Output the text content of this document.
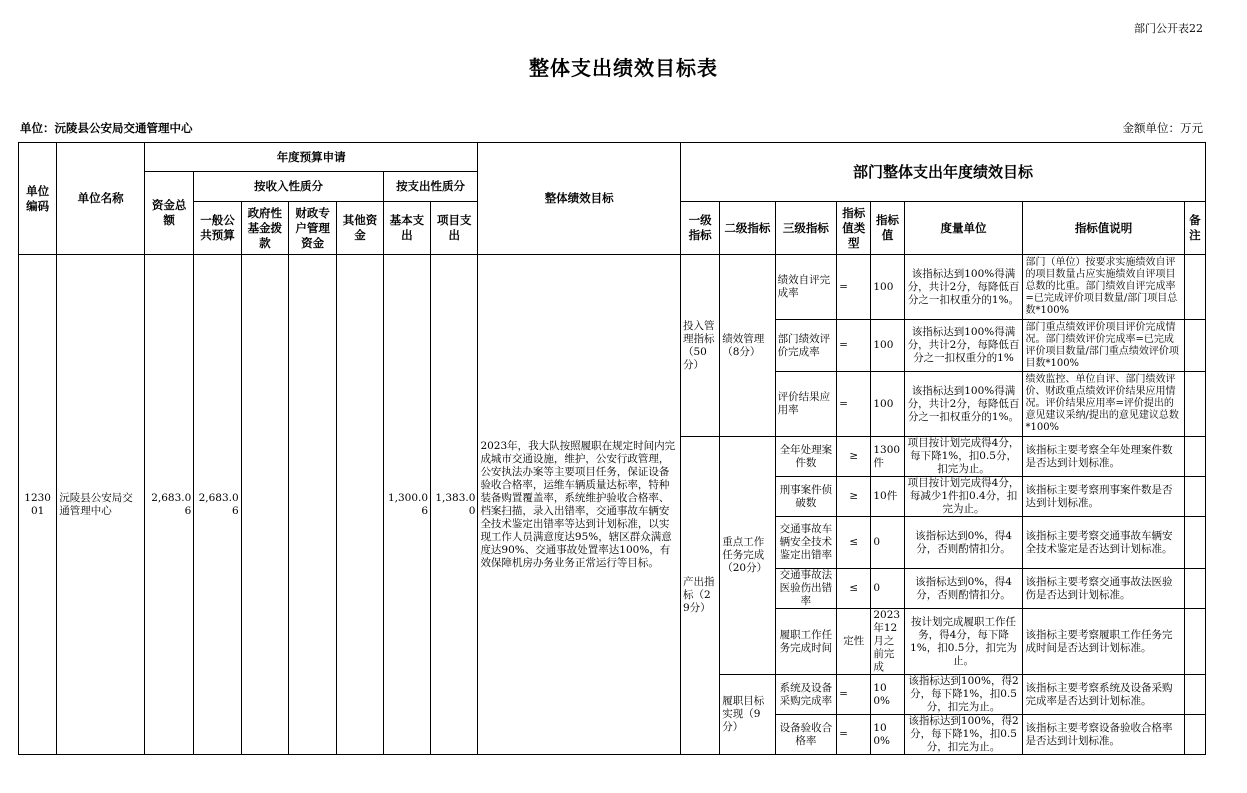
部门公开表22
整体支出绩效目标表
单位：沅陵县公安局交通管理中心	金额单位：万元
单位编码	单位名称	年度预算申请							整体绩效目标	部门整体支出年度绩效目标							
		资金总额	按收入性质分				按支出性质分										
			一般公共预算	政府性基金拨款	财政专户管理资金	其他资金	基本支出	项目支出		一级指标	二级指标	三级指标	指标值类型	指标值	度量单位	指标值说明	备注

123001	沅陵县公安局交通管理中心	2,683.06	2,683.06				1,300.06	1,383.00	2023年，我大队按照履职在规定时间内完成城市交通设施，维护，公安行政管理，公安执法办案等主要项目任务，保证设备验收合格率，运维车辆质量达标率，特种装备购置覆盖率，系统维护验收合格率、档案扫描，录入出错率，交通事故车辆安全技术鉴定出错率等达到计划标准，以实现工作人员满意度达95%，辖区群众满意度达90%、交通事故处置率达100%，有效保障机房办务业务正常运行等目标。	投入管理指标（50分）	绩效管理（8分）	绩效自评完成率	=	100	该指标达到100%得满分，共计2分，每降低百分之一扣权重分的1%。	部门（单位）按要求实施绩效自评的项目数量占应实施绩效自评项目总数的比重。部门绩效自评完成率=已完成评价项目数量/部门项目总数*100%	
												部门绩效评价完成率	=	100	该指标达到100%得满分，共计2分，每降低百分之一扣权重分的1%	部门重点绩效评价项目评价完成情况。部门绩效评价完成率=已完成评价项目数量/部门重点绩效评价项目数*100%	
												评价结果应用率	=	100	该指标达到100%得满分，共计2分，每降低百分之一扣权重分的1%。	绩效监控、单位自评、部门绩效评价、财政重点绩效评价结果应用情况。评价结果应用率=评价提出的意见建议采纳/提出的意见建议总数*100%	
										产出指标（29分）	重点工作任务完成（20分）	全年处理案件数	≥	1300件	项目按计划完成得4分，每下降1%，扣0.5分，扣完为止。	该指标主要考察全年处理案件数是否达到计划标准。	
												刑事案件侦破数	≥	10件	项目按计划完成得4分，每减少1件扣0.4分，扣完为止。	该指标主要考察刑事案件数是否达到计划标准。	
												交通事故车辆安全技术鉴定出错率	≤	0	该指标达到0%，得4分，否则酌情扣分。	该指标主要考察交通事故车辆安全技术鉴定是否达到计划标准。	
												交通事故法医验伤出错率	≤	0	该指标达到0%，得4分，否则酌情扣分。	该指标主要考察交通事故法医验伤是否达到计划标准。	
												履职工作任务完成时间	定性	2023年12月之前完成	按计划完成履职工作任务，得4分，每下降1%，扣0.5分，扣完为止。	该指标主要考察履职工作任务完成时间是否达到计划标准。	
											履职目标实现（9分）	系统及设备采购完成率	=	100%	该指标达到100%，得2分，每下降1%，扣0.5分，扣完为止。	该指标主要考察系统及设备采购完成率是否达到计划标准。	
												设备验收合格率	=	100%	该指标达到100%，得2分，每下降1%，扣0.5分，扣完为止。	该指标主要考察设备验收合格率是否达到计划标准。	
